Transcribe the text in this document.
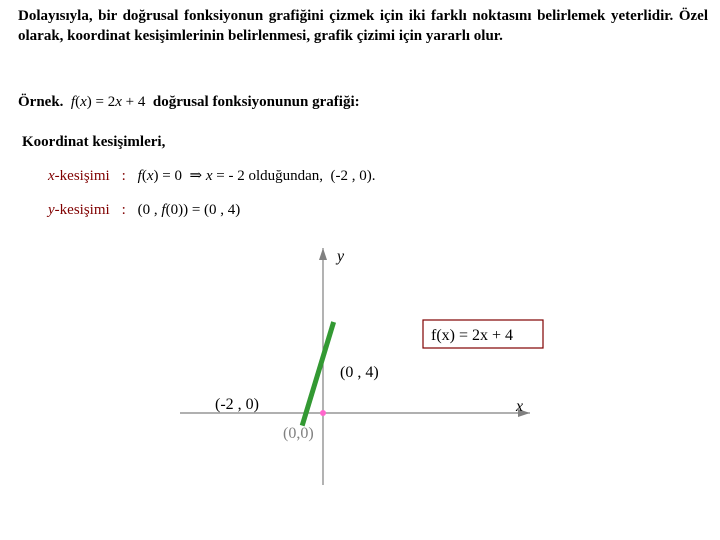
Dolayısıyla, bir doğrusal fonksiyonun grafiğini çizmek için iki farklı noktasını belirlemek yeterlidir. Özel olarak, koordinat kesişimlerinin belirlenmesi, grafik çizimi için yararlı olur.

Örnek. f(x) = 2x + 4 doğrusal fonksiyonunun grafiği:

Koordinat kesişimleri,

x-kesişimi : f(x) = 0 ⇒ x = - 2 olduğundan, (-2 , 0).
y-kesişimi : (0 , f(0)) = (0 , 4)
y
x
f(x) = 2x + 4
(0 , 4)
(-2 , 0)
(0,0)
